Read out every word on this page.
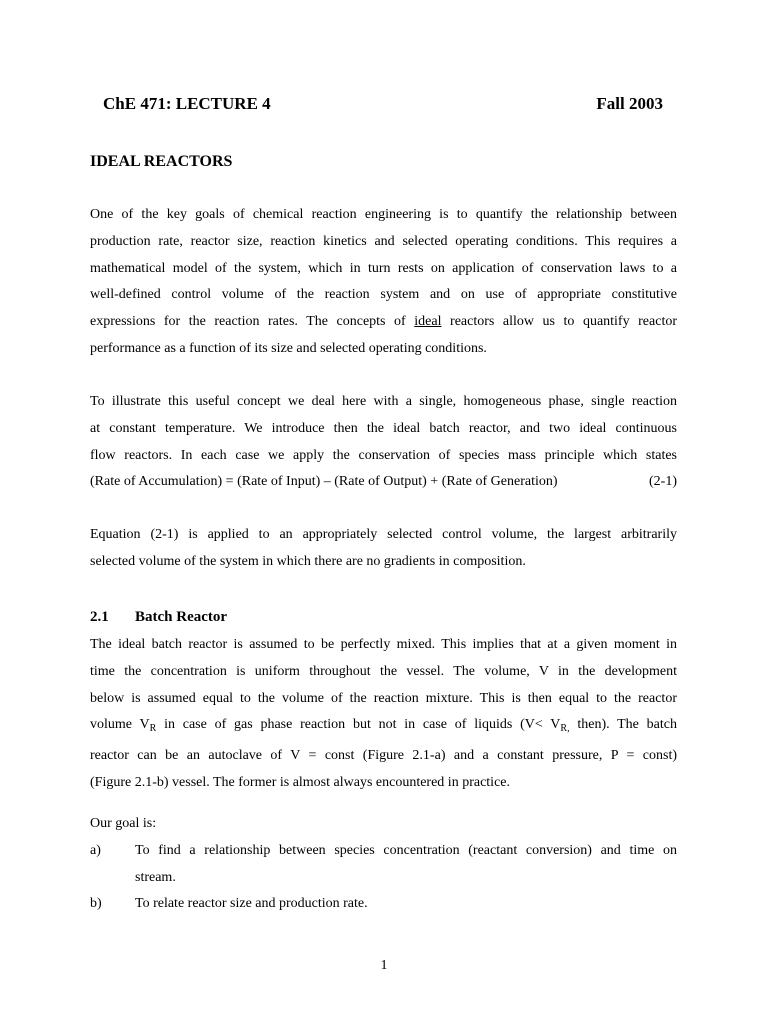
ChE 471: LECTURE 4	Fall 2003
IDEAL REACTORS

One of the key goals of chemical reaction engineering is to quantify the relationship between
production rate, reactor size, reaction kinetics and selected operating conditions. This requires a
mathematical model of the system, which in turn rests on application of conservation laws to a
well-defined control volume of the reaction system and on use of appropriate constitutive
expressions for the reaction rates. The concepts of ideal reactors allow us to quantify reactor
performance as a function of its size and selected operating conditions.

To illustrate this useful concept we deal here with a single, homogeneous phase, single reaction
at constant temperature. We introduce then the ideal batch reactor, and two ideal continuous
flow reactors. In each case we apply the conservation of species mass principle which states
(Rate of Accumulation) = (Rate of Input) – (Rate of Output) + (Rate of Generation)	(2-1)

Equation (2-1) is applied to an appropriately selected control volume, the largest arbitrarily
selected volume of the system in which there are no gradients in composition.

2.1	Batch Reactor

The ideal batch reactor is assumed to be perfectly mixed. This implies that at a given moment in
time the concentration is uniform throughout the vessel. The volume, V in the development
below is assumed equal to the volume of the reaction mixture. This is then equal to the reactor
volume $V_R$ in case of gas phase reaction but not in case of liquids ($V< V_{R,}$ then). The batch
reactor can be an autoclave of V = const (Figure 2.1-a) and a constant pressure, P = const)
(Figure 2.1-b) vessel. The former is almost always encountered in practice.

Our goal is:

a) To find a relationship between species concentration (reactant conversion) and time on
stream.
b) To relate reactor size and production rate.
1
